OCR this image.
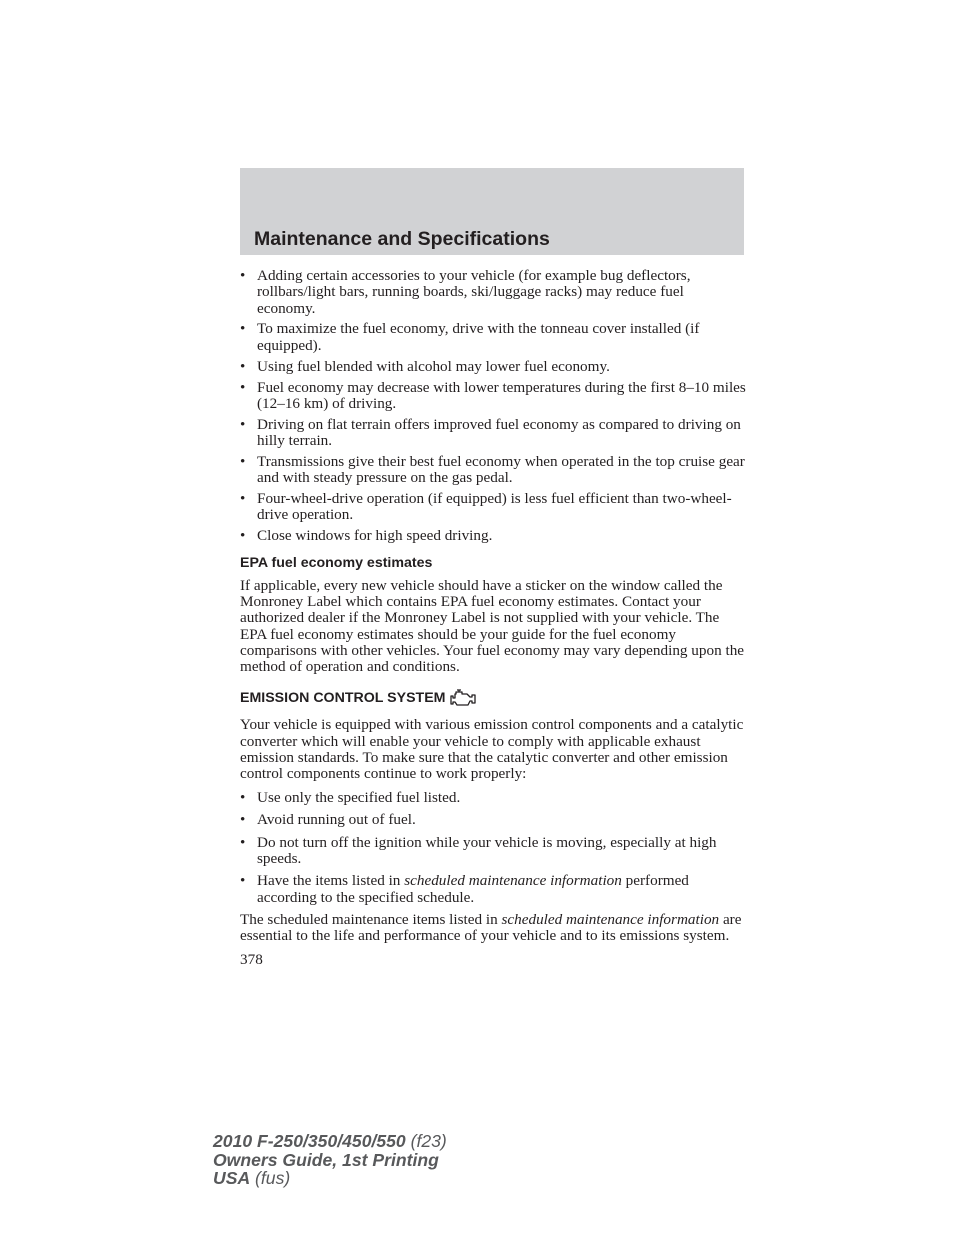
Maintenance and Specifications
• Adding certain accessories to your vehicle (for example bug deflectors, rollbars/light bars, running boards, ski/luggage racks) may reduce fuel economy.
• To maximize the fuel economy, drive with the tonneau cover installed (if equipped).
• Using fuel blended with alcohol may lower fuel economy.
• Fuel economy may decrease with lower temperatures during the first 8–10 miles (12–16 km) of driving.
• Driving on flat terrain offers improved fuel economy as compared to driving on hilly terrain.
• Transmissions give their best fuel economy when operated in the top cruise gear and with steady pressure on the gas pedal.
• Four-wheel-drive operation (if equipped) is less fuel efficient than two-wheel-drive operation.
• Close windows for high speed driving.
EPA fuel economy estimates

If applicable, every new vehicle should have a sticker on the window called the Monroney Label which contains EPA fuel economy estimates. Contact your authorized dealer if the Monroney Label is not supplied with your vehicle. The EPA fuel economy estimates should be your guide for the fuel economy comparisons with other vehicles. Your fuel economy may vary depending upon the method of operation and conditions.

EMISSION CONTROL SYSTEM

Your vehicle is equipped with various emission control components and a catalytic converter which will enable your vehicle to comply with applicable exhaust emission standards. To make sure that the catalytic converter and other emission control components continue to work properly:

• Use only the specified fuel listed.
• Avoid running out of fuel.
• Do not turn off the ignition while your vehicle is moving, especially at high speeds.
• Have the items listed in scheduled maintenance information performed according to the specified schedule.

The scheduled maintenance items listed in scheduled maintenance information are essential to the life and performance of your vehicle and to its emissions system.

378
2010 F-250/350/450/550 (f23)
Owners Guide, 1st Printing
USA (fus)
